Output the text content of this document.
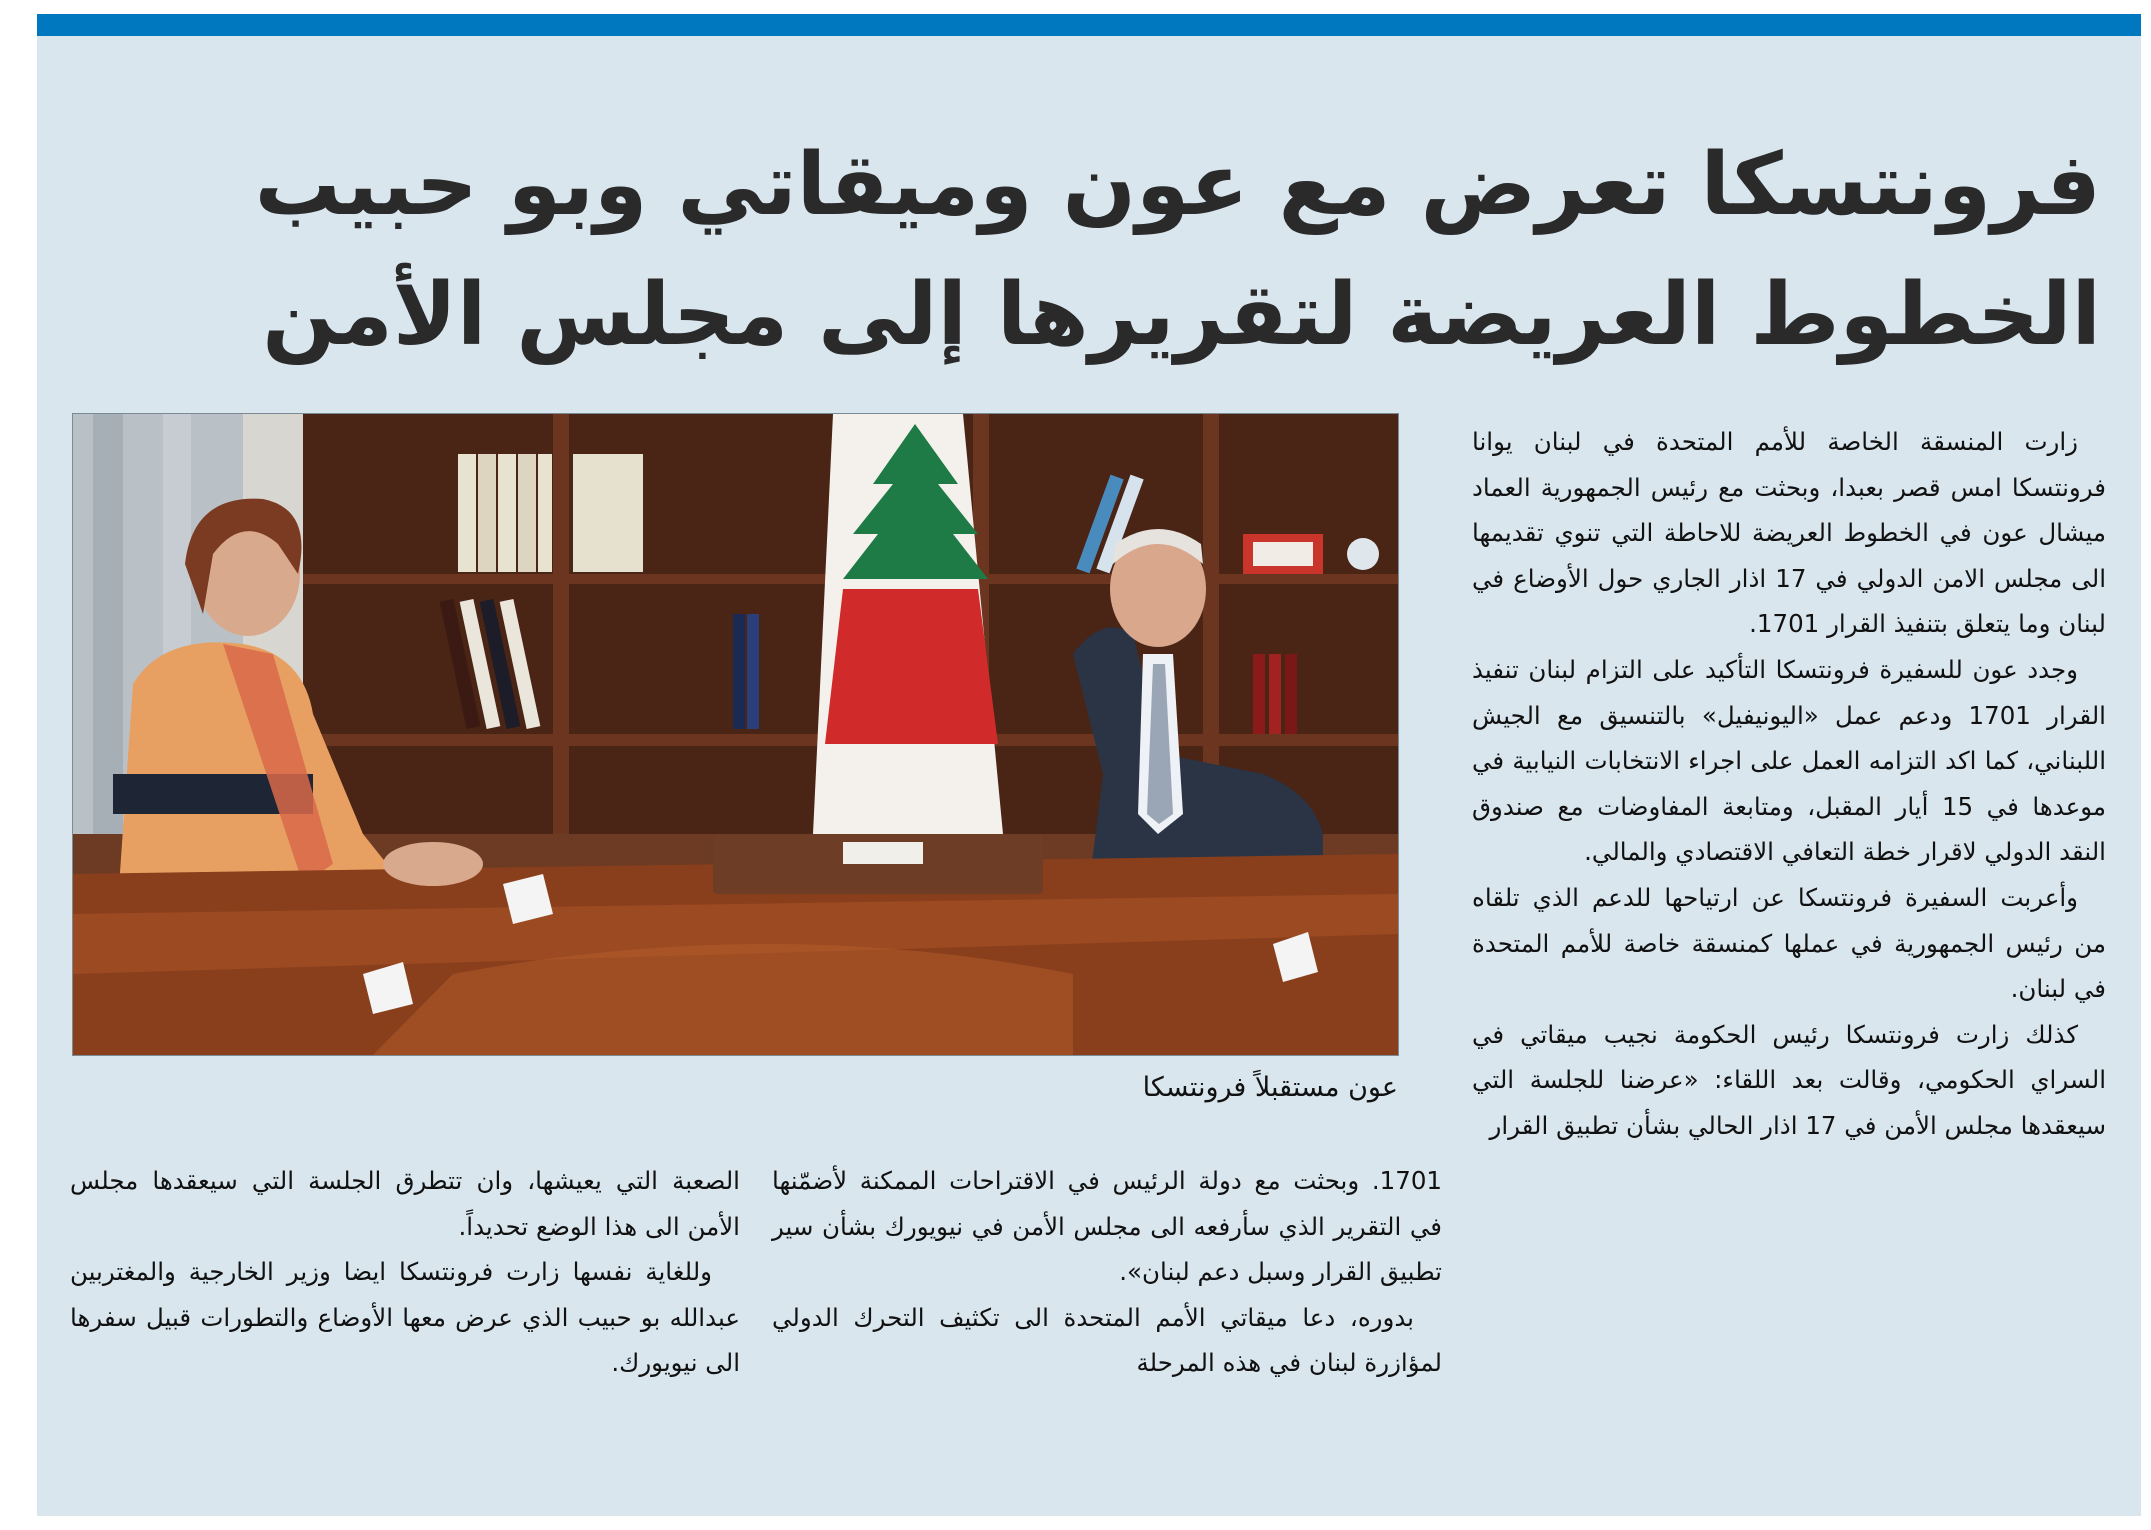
فرونتسكا تعرض مع عون وميقاتي وبو حبيب
الخطوط العريضة لتقريرها إلى مجلس الأمن
عون مستقبلاً فرونتسكا

زارت المنسقة الخاصة للأمم المتحدة في لبنان يوانا فرونتسكا امس قصر بعبدا، وبحثت مع رئيس الجمهورية العماد ميشال عون في الخطوط العريضة للاحاطة التي تنوي تقديمها الى مجلس الامن الدولي في 17 اذار الجاري حول الأوضاع في لبنان وما يتعلق بتنفيذ القرار 1701.

وجدد عون للسفيرة فرونتسكا التأكيد على التزام لبنان تنفيذ القرار 1701 ودعم عمل «اليونيفيل» بالتنسيق مع الجيش اللبناني، كما اكد التزامه العمل على اجراء الانتخابات النيابية في موعدها في 15 أيار المقبل، ومتابعة المفاوضات مع صندوق النقد الدولي لاقرار خطة التعافي الاقتصادي والمالي.

وأعربت السفيرة فرونتسكا عن ارتياحها للدعم الذي تلقاه من رئيس الجمهورية في عملها كمنسقة خاصة للأمم المتحدة في لبنان.

كذلك زارت فرونتسكا رئيس الحكومة نجيب ميقاتي في السراي الحكومي، وقالت بعد اللقاء: «عرضنا للجلسة التي سيعقدها مجلس الأمن في 17 اذار الحالي بشأن تطبيق القرار

1701. وبحثت مع دولة الرئيس في الاقتراحات الممكنة لأضمّنها في التقرير الذي سأرفعه الى مجلس الأمن في نيويورك بشأن سير تطبيق القرار وسبل دعم لبنان».

بدوره، دعا ميقاتي الأمم المتحدة الى تكثيف التحرك الدولي لمؤازرة لبنان في هذه المرحلة

الصعبة التي يعيشها، وان تتطرق الجلسة التي سيعقدها مجلس الأمن الى هذا الوضع تحديداً.

وللغاية نفسها زارت فرونتسكا ايضا وزير الخارجية والمغتربين عبدالله بو حبيب الذي عرض معها الأوضاع والتطورات قبيل سفرها الى نيويورك.
